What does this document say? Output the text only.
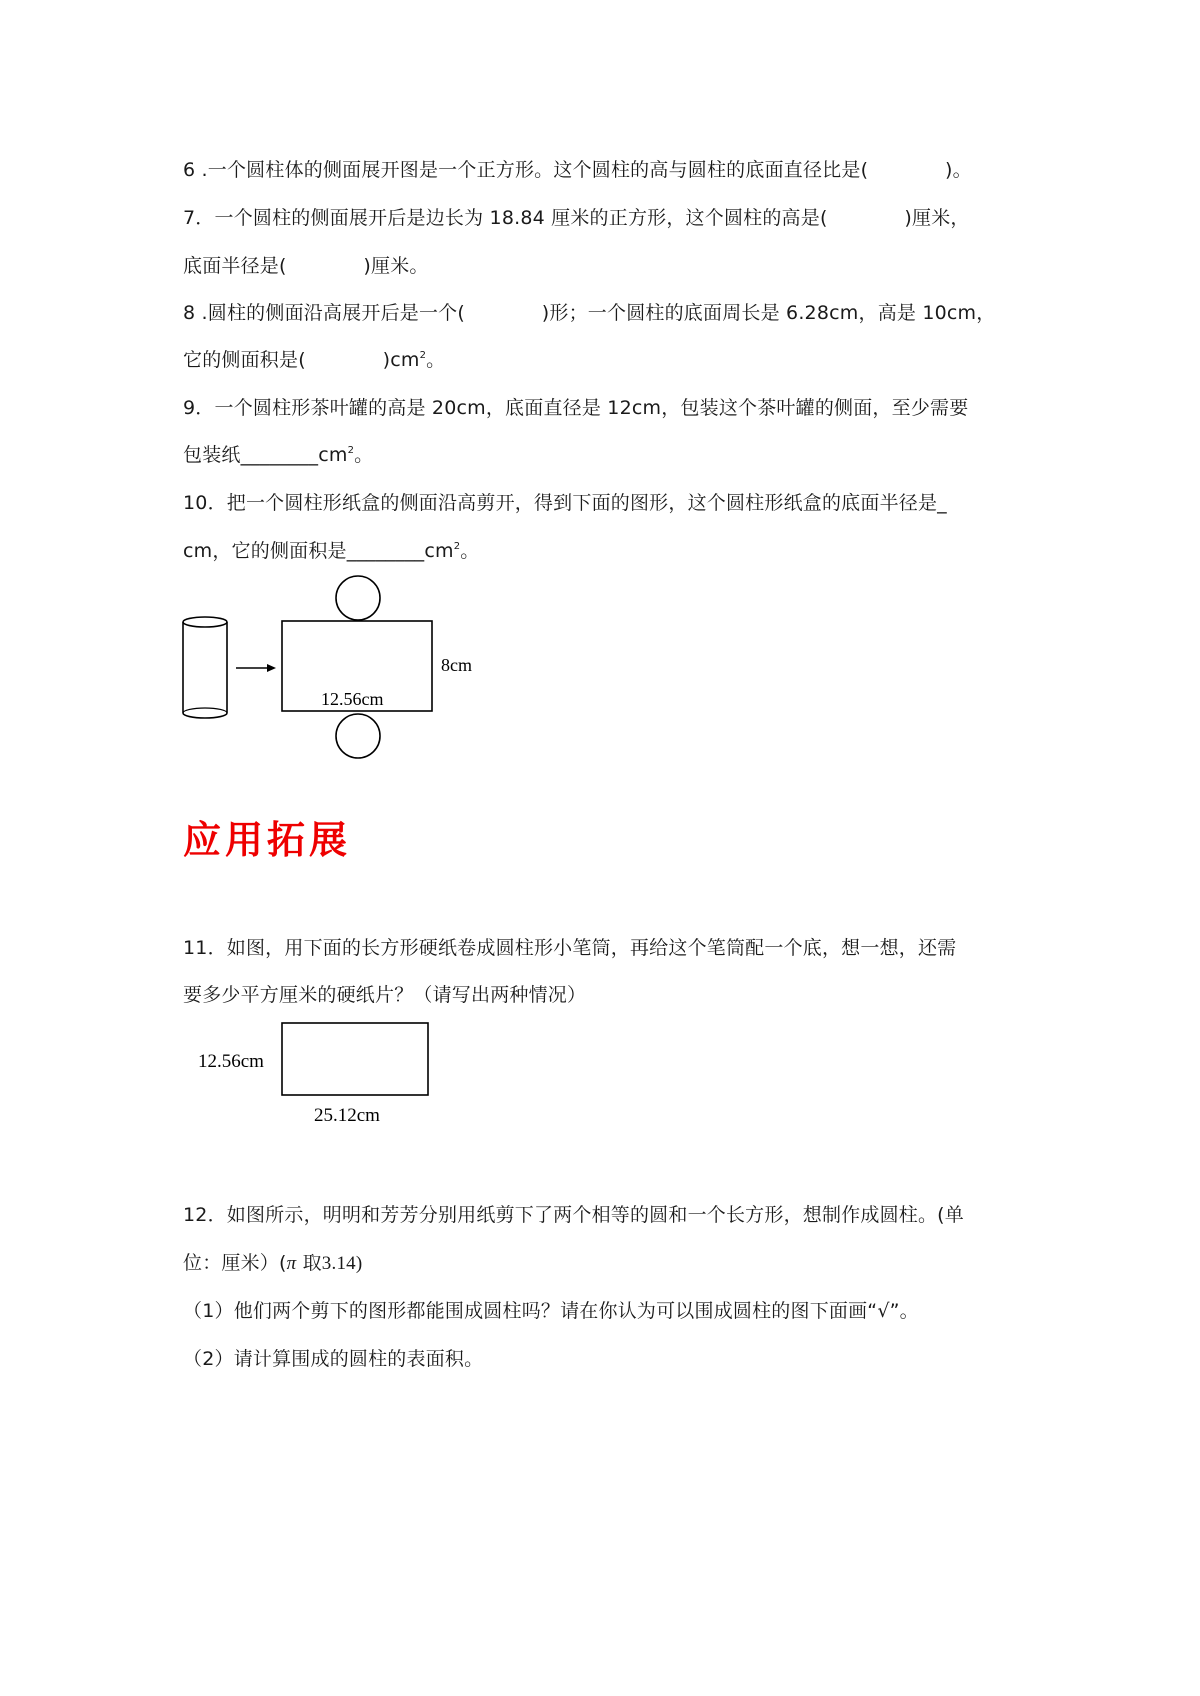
6 .一个圆柱体的侧面展开图是一个正方形。这个圆柱的高与圆柱的底面直径比是(　　　　)。
7．一个圆柱的侧面展开后是边长为 18.84 厘米的正方形，这个圆柱的高是(　　　　)厘米，
底面半径是(　　　　)厘米。
8 .圆柱的侧面沿高展开后是一个(　　　　)形；一个圆柱的底面周长是 6.28cm，高是 10cm，
它的侧面积是(　　　　)$cm^2$。
9．一个圆柱形茶叶罐的高是 20cm，底面直径是 12cm，包装这个茶叶罐的侧面，至少需要
包装纸$\_\_\_\_\_\_\_\_cm^2$。
10．把一个圆柱形纸盒的侧面沿高剪开，得到下面的图形，这个圆柱形纸盒的底面半径是_
cm，它的侧面积是$\_\_\_\_\_\_\_\_cm^2$。
12.56cm
8cm
应用拓展
11．如图，用下面的长方形硬纸卷成圆柱形小笔筒，再给这个笔筒配一个底，想一想，还需
要多少平方厘米的硬纸片？（请写出两种情况）
12.56cm
25.12cm
12．如图所示，明明和芳芳分别用纸剪下了两个相等的圆和一个长方形，想制作成圆柱。(单
位：厘米）(π 取3.14)
（1）他们两个剪下的图形都能围成圆柱吗？请在你认为可以围成圆柱的图下面画“√”。
（2）请计算围成的圆柱的表面积。
